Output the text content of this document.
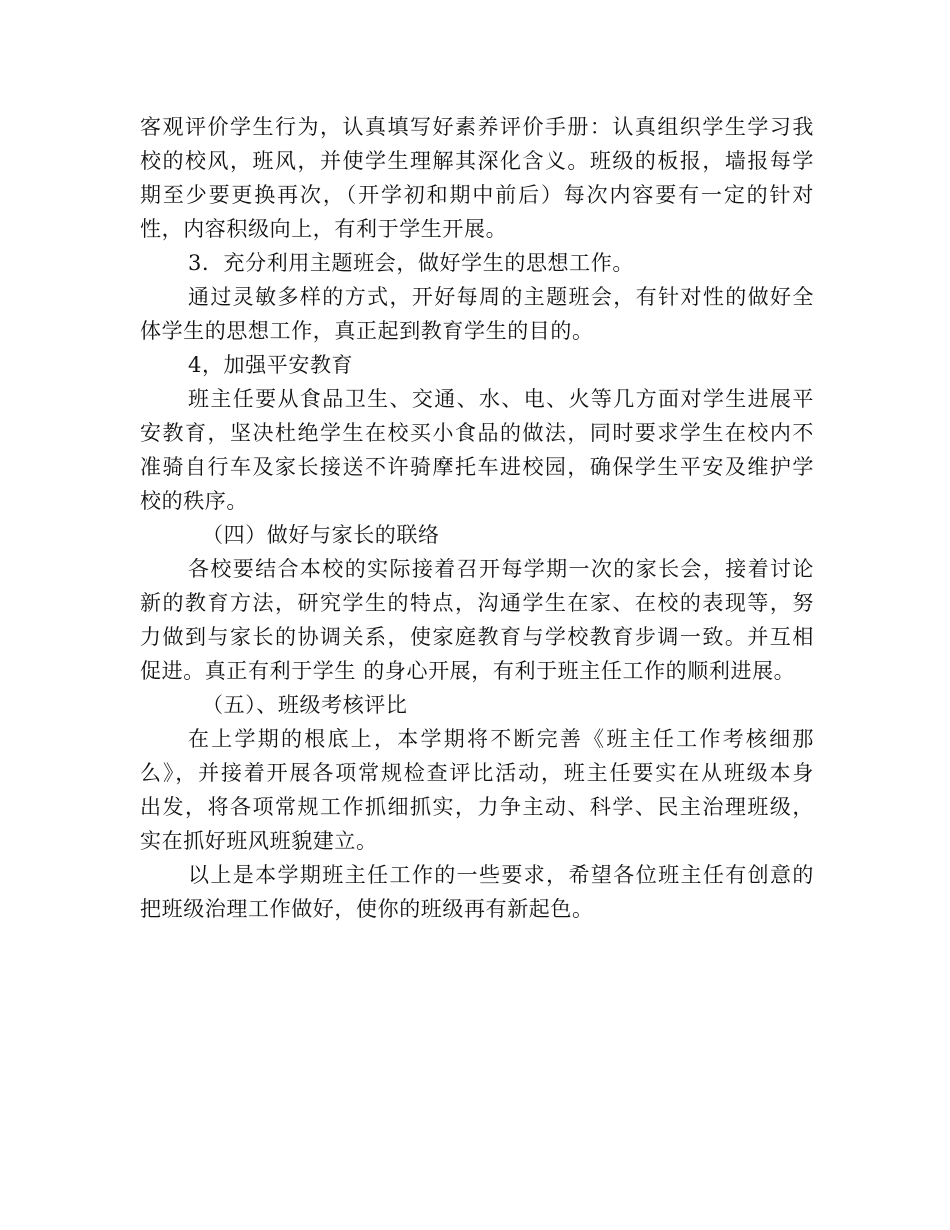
客观评价学生行为，认真填写好素养评价手册：认真组织学生学习我
校的校风，班风，并使学生理解其深化含义。班级的板报，墙报每学
期至少要更换再次，（开学初和期中前后）每次内容要有一定的针对
性，内容积级向上，有利于学生开展。
3．充分利用主题班会，做好学生的思想工作。
通过灵敏多样的方式，开好每周的主题班会，有针对性的做好全
体学生的思想工作，真正起到教育学生的目的。
4，加强平安教育
班主任要从食品卫生、交通、水、电、火等几方面对学生进展平
安教育，坚决杜绝学生在校买小食品的做法，同时要求学生在校内不
准骑自行车及家长接送不许骑摩托车进校园，确保学生平安及维护学
校的秩序。
（四）做好与家长的联络
各校要结合本校的实际接着召开每学期一次的家长会，接着讨论
新的教育方法，研究学生的特点，沟通学生在家、在校的表现等，努
力做到与家长的协调关系，使家庭教育与学校教育步调一致。并互相
促进。真正有利于学生 的身心开展，有利于班主任工作的顺利进展。
（五）、班级考核评比
在上学期的根底上，本学期将不断完善《班主任工作考核细那
么》，并接着开展各项常规检查评比活动，班主任要实在从班级本身
出发，将各项常规工作抓细抓实，力争主动、科学、民主治理班级，
实在抓好班风班貌建立。
以上是本学期班主任工作的一些要求，希望各位班主任有创意的
把班级治理工作做好，使你的班级再有新起色。
